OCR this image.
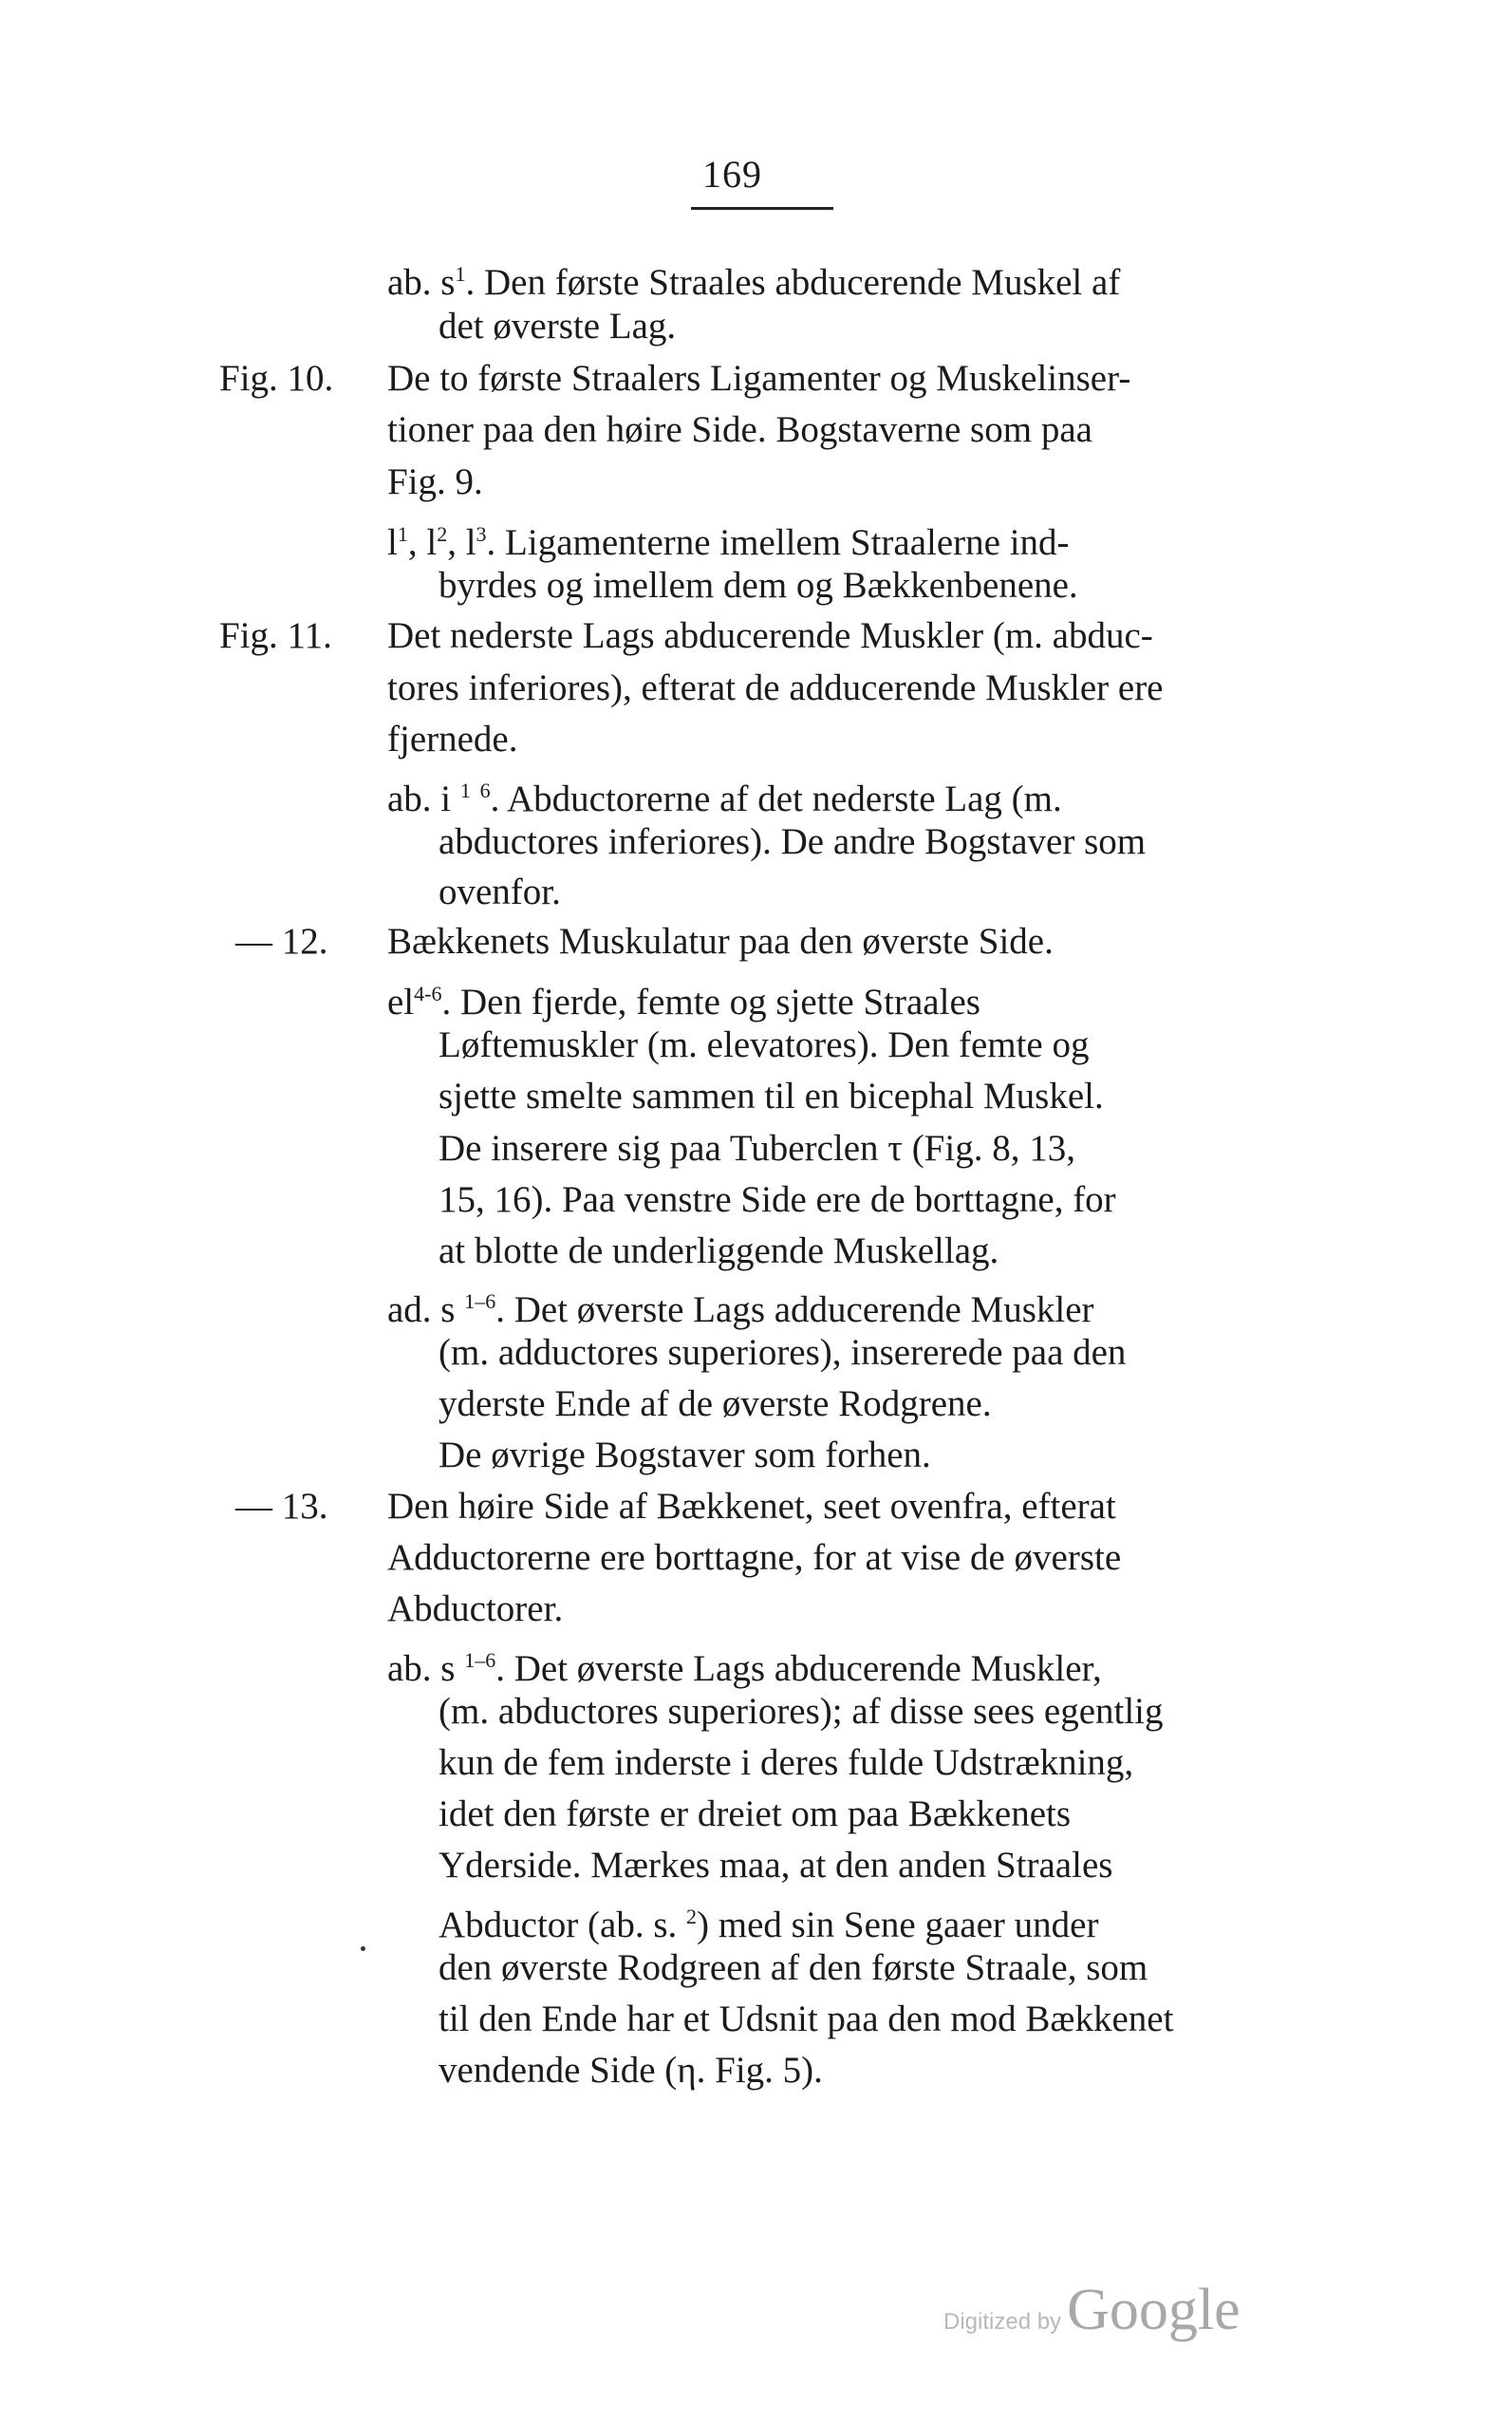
169
Fig. 10.
Fig. 11.
— 12.
— 13.
ab. $s^1$. Den første Straales abducerende Muskel af
det øverste Lag.
De to første Straalers Ligamenter og Muskelinser-
tioner paa den høire Side. Bogstaverne som paa
Fig. 9.
$l^1$, $l^2$, $l^3$. Ligamenterne imellem Straalerne ind-
byrdes og imellem dem og Bækkenbenene.
Det nederste Lags abducerende Muskler (m. abduc-
tores inferiores), efterat de adducerende Muskler ere
fjernede.
ab. i $^1$ $^6$. Abductorerne af det nederste Lag (m.
abductores inferiores). De andre Bogstaver som
ovenfor.
Bækkenets Muskulatur paa den øverste Side.
$el^{4-6}$. Den fjerde, femte og sjette Straales
Løftemuskler (m. elevatores). Den femte og
sjette smelte sammen til en bicephal Muskel.
De inserere sig paa Tuberclen τ (Fig. 8, 13,
15, 16). Paa venstre Side ere de borttagne, for
at blotte de underliggende Muskellag.
ad. s $^{1-6}$. Det øverste Lags adducerende Muskler
(m. adductores superiores), insererede paa den
yderste Ende af de øverste Rodgrene.
De øvrige Bogstaver som forhen.
Den høire Side af Bækkenet, seet ovenfra, efterat
Adductorerne ere borttagne, for at vise de øverste
Abductorer.
ab. s $^{1-6}$. Det øverste Lags abducerende Muskler,
(m. abductores superiores); af disse sees egentlig
kun de fem inderste i deres fulde Udstrækning,
idet den første er dreiet om paa Bækkenets
Yderside. Mærkes maa, at den anden Straales
Abductor (ab. s. $^2$) med sin Sene gaaer under
den øverste Rodgreen af den første Straale, som
til den Ende har et Udsnit paa den mod Bækkenet
vendende Side (η. Fig. 5).
Digitized byGoogle
